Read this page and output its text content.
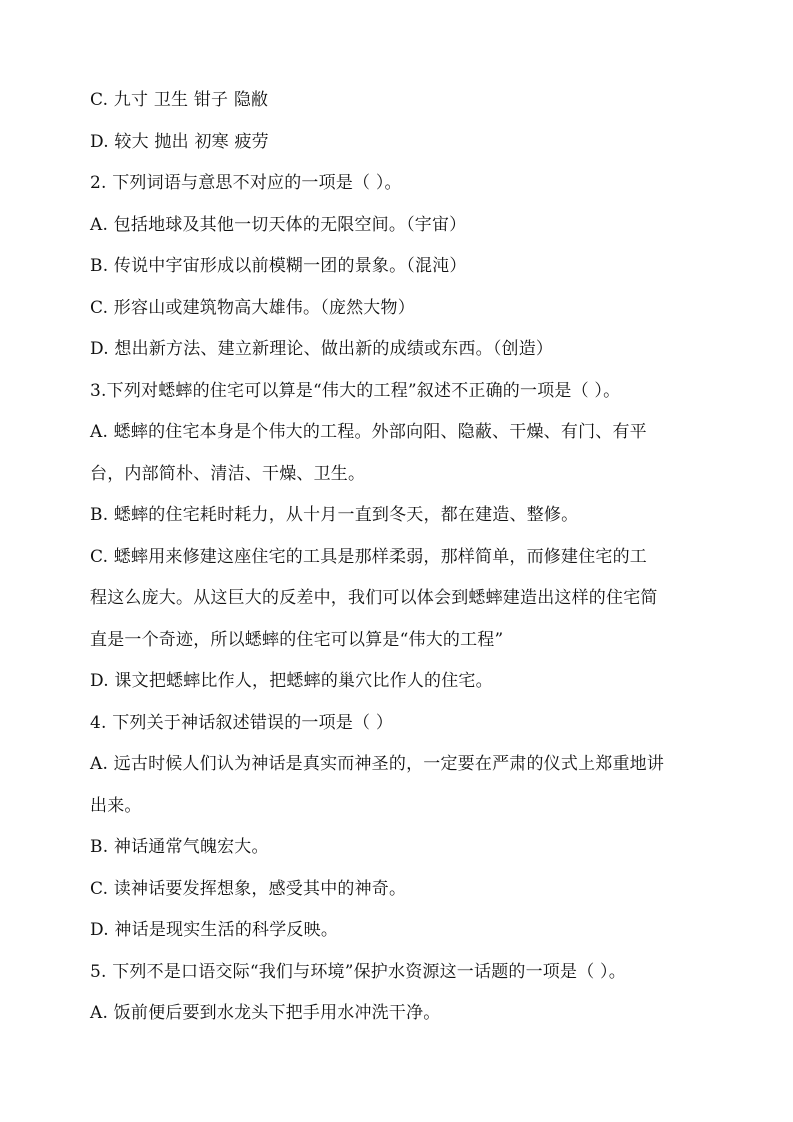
C. 九寸 卫生 钳子 隐敝
D. 较大 抛出 初寒 疲劳
2. 下列词语与意思不对应的一项是（ ）。
A. 包括地球及其他一切天体的无限空间。（宇宙）
B. 传说中宇宙形成以前模糊一团的景象。（混沌）
C. 形容山或建筑物高大雄伟。（庞然大物）
D. 想出新方法、建立新理论、做出新的成绩或东西。（创造）
3.下列对蟋蟀的住宅可以算是“伟大的工程”叙述不正确的一项是（ ）。
A. 蟋蟀的住宅本身是个伟大的工程。外部向阳、隐蔽、干燥、有门、有平
台，内部简朴、清洁、干燥、卫生。
B. 蟋蟀的住宅耗时耗力，从十月一直到冬天，都在建造、整修。
C. 蟋蟀用来修建这座住宅的工具是那样柔弱，那样简单，而修建住宅的工
程这么庞大。从这巨大的反差中，我们可以体会到蟋蟀建造出这样的住宅简
直是一个奇迹，所以蟋蟀的住宅可以算是“伟大的工程”
D. 课文把蟋蟀比作人，把蟋蟀的巢穴比作人的住宅。
4. 下列关于神话叙述错误的一项是（ ）
A. 远古时候人们认为神话是真实而神圣的，一定要在严肃的仪式上郑重地讲
出来。
B. 神话通常气魄宏大。
C. 读神话要发挥想象，感受其中的神奇。
D. 神话是现实生活的科学反映。
5. 下列不是口语交际“我们与环境”保护水资源这一话题的一项是（ ）。
A. 饭前便后要到水龙头下把手用水冲洗干净。
